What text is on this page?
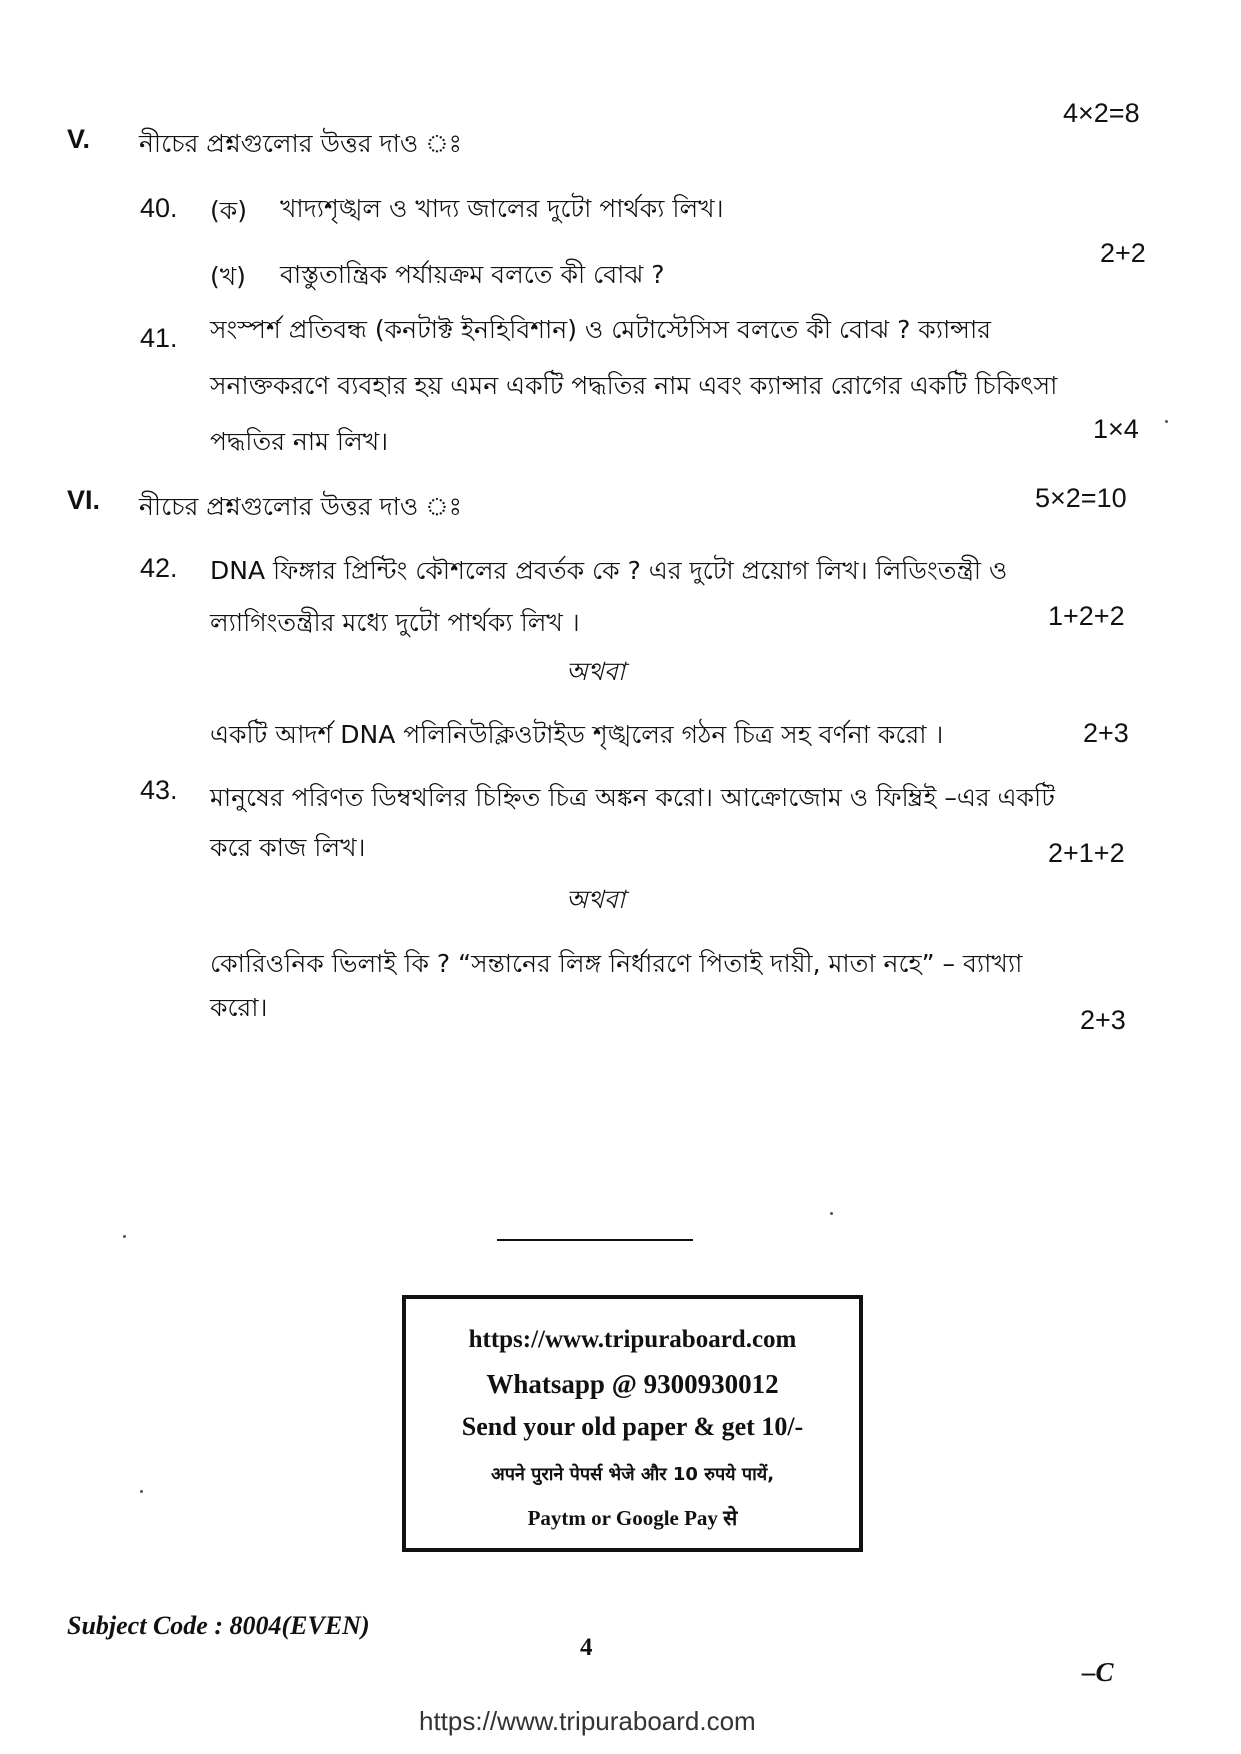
V. নীচের প্রশ্নগুলোর উত্তর দাও ঃ
4×2=8
40. (ক) খাদ্যশৃঙ্খল ও খাদ্য জালের দুটো পার্থক্য লিখ।
(খ) বাস্তুতান্ত্রিক পর্যায়ক্রম বলতে কী বোঝ ?
2+2
41. সংস্পর্শ প্রতিবন্ধ (কনটাক্ট ইনহিবিশান) ও মেটাস্টেসিস বলতে কী বোঝ ? ক্যান্সার
সনাক্তকরণে ব্যবহার হয় এমন একটি পদ্ধতির নাম এবং ক্যান্সার রোগের একটি চিকিৎসা
পদ্ধতির নাম লিখ।	1×4
VI. নীচের প্রশ্নগুলোর উত্তর দাও ঃ	5×2=10
42. DNA ফিঙ্গার প্রিন্টিং কৌশলের প্রবর্তক কে ? এর দুটো প্রয়োগ লিখ। লিডিংতন্ত্রী ও
ল্যাগিংতন্ত্রীর মধ্যে দুটো পার্থক্য লিখ ।	1+2+2
অথবা
একটি আদর্শ DNA পলিনিউক্লিওটাইড শৃঙ্খলের গঠন চিত্র সহ বর্ণনা করো ।	2+3
43. মানুষের পরিণত ডিম্বথলির চিহ্নিত চিত্র অঙ্কন করো। আক্রোজোম ও ফিম্ব্রিই –এর একটি
করে কাজ লিখ।	2+1+2
অথবা
কোরিওনিক ভিলাই কি ? “সন্তানের লিঙ্গ নির্ধারণে পিতাই দায়ী, মাতা নহে” – ব্যাখ্যা
করো।	2+3
https://www.tripuraboard.com
Whatsapp @ 9300930012
Send your old paper & get 10/-
अपने पुराने पेपर्स भेजे और 10 रुपये पायें,
Paytm or Google Pay से
Subject Code : 8004(EVEN)
4
–C
https://www.tripuraboard.com
